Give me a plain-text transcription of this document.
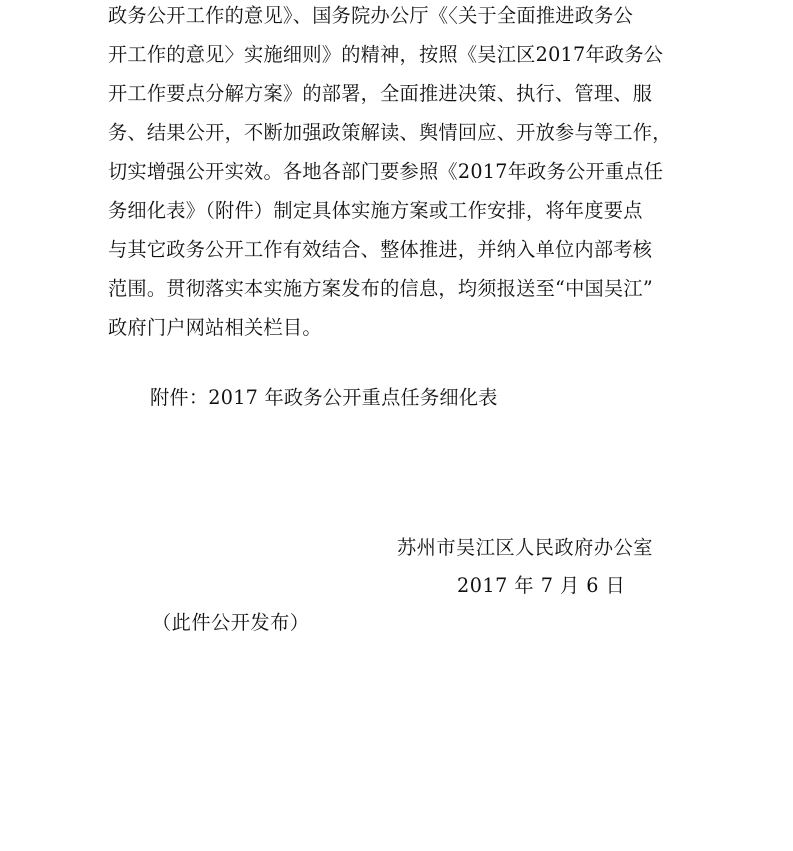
政务公开工作的意见》、国务院办公厅《〈关于全面推进政务公
开工作的意见〉实施细则》的精神，按照《吴江区2017年政务公
开工作要点分解方案》的部署，全面推进决策、执行、管理、服
务、结果公开，不断加强政策解读、舆情回应、开放参与等工作，
切实增强公开实效。各地各部门要参照《2017年政务公开重点任
务细化表》（附件）制定具体实施方案或工作安排，将年度要点
与其它政务公开工作有效结合、整体推进，并纳入单位内部考核
范围。贯彻落实本实施方案发布的信息，均须报送至“中国吴江”
政府门户网站相关栏目。
附件：2017 年政务公开重点任务细化表
苏州市吴江区人民政府办公室
2017 年 7 月 6 日
（此件公开发布）
